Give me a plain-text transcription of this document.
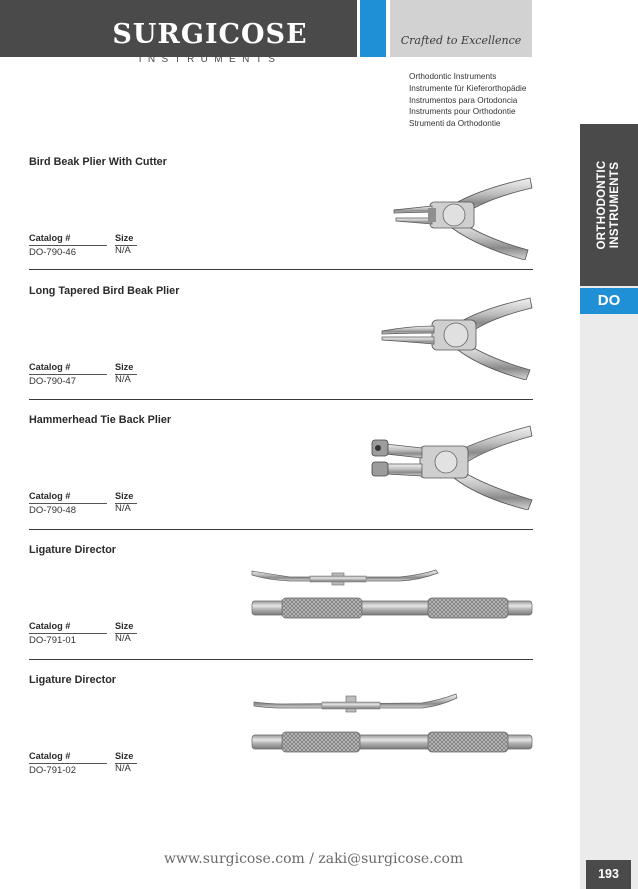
SURGICOSE
INSTRUMENTS
Crafted to Excellence
Orthodontic Instruments
Instrumente für Kieferorthopädie
Instrumentos para Ortodoncia
Instruments pour Orthodontie
Strumenti da Orthodontie
ORTHODONTIC INSTRUMENTS
DO
Bird Beak Plier With Cutter
Catalog #	Size
DO-790-46	N/A
Long Tapered Bird Beak Plier
Catalog #	Size
DO-790-47	N/A
Hammerhead Tie Back Plier
Catalog #	Size
DO-790-48	N/A
Ligature Director
Catalog #	Size
DO-791-01	N/A
Ligature Director
Catalog #	Size
DO-791-02	N/A
www.surgicose.com / zaki@surgicose.com
193
